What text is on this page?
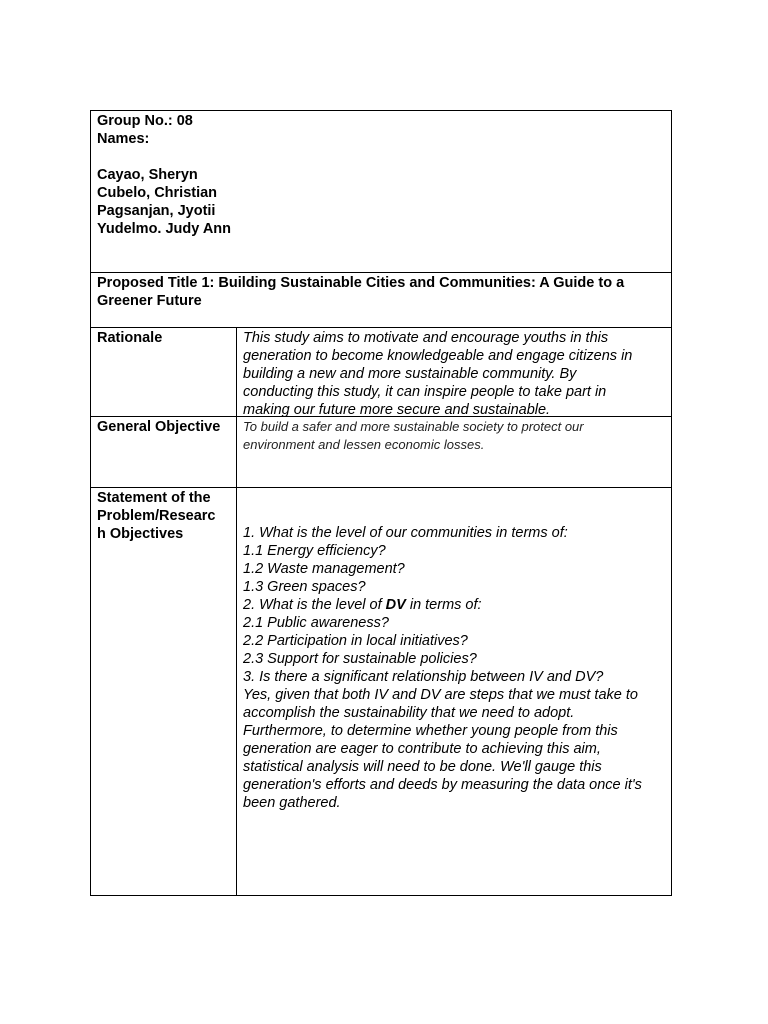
Group No.: 08
Names:
Cayao, Sheryn
Cubelo, Christian
Pagsanjan, Jyotii
Yudelmo. Judy Ann
Proposed Title 1: Building Sustainable Cities and Communities: A Guide to a
Greener Future
Rationale	This study aims to motivate and encourage youths in this
generation to become knowledgeable and engage citizens in
building a new and more sustainable community. By
conducting this study, it can inspire people to take part in
making our future more secure and sustainable.
General Objective	To build a safer and more sustainable society to protect our
environment and lessen economic losses.
Statement of the
Problem/Researc
h Objectives	1. What is the level of our communities in terms of:
1.1 Energy efficiency?
1.2 Waste management?
1.3 Green spaces?
2. What is the level of DV in terms of:
2.1 Public awareness?
2.2 Participation in local initiatives?
2.3 Support for sustainable policies?
3. Is there a significant relationship between IV and DV?
Yes, given that both IV and DV are steps that we must take to
accomplish the sustainability that we need to adopt.
Furthermore, to determine whether young people from this
generation are eager to contribute to achieving this aim,
statistical analysis will need to be done. We'll gauge this
generation's efforts and deeds by measuring the data once it's
been gathered.
